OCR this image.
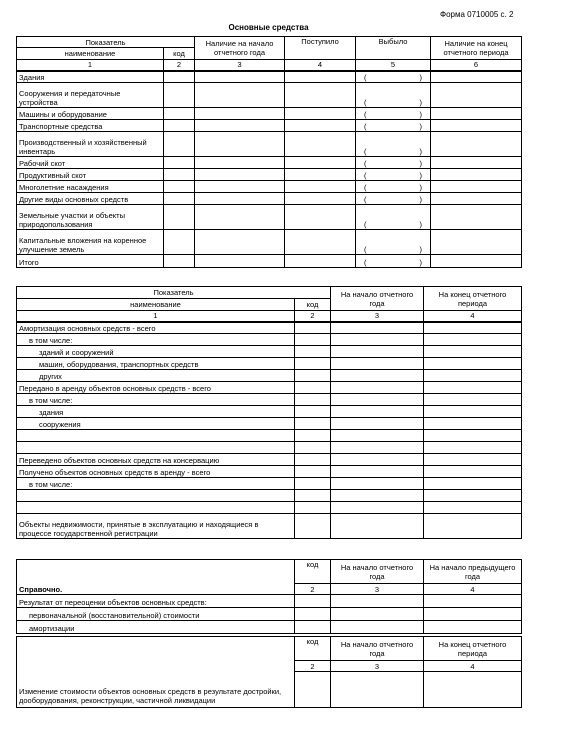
Форма 0710005 с. 2
Основные средства
Показатель		Наличие на начало отчетного года	Поступило	Выбыло	Наличие на конец отчетного периода
наименование	код				
1	2	3	4	5	6
Здания				( )	

Сооружения и передаточные устройства				( )	

Машины и оборудование				( )	

Транспортные средства				( )	

Производственный и хозяйственный инвентарь				( )	

Рабочий скот				( )	

Продуктивный скот				( )	

Многолетние насаждения				( )	

Другие виды основных средств				( )	

Земельные участки и объекты природопользования				( )	

Капитальные вложения на коренное улучшение земель				( )	

Итого				( )	

Показатель		На начало отчетного года	На конец отчетного периода
наименование	код		
1	2	3	4
Амортизация основных средств - всего			
в том числе:			
зданий и сооружений			
машин, оборудования, транспортных средств			
других			
Передано в аренду объектов основных средств - всего			
в том числе:			
здания			
сооружения			

Переведено объектов основных средств на консервацию			
Получено объектов основных средств в аренду - всего			
в том числе:			

Объекты недвижимости, принятые в эксплуатацию и находящиеся в процессе государственной регистрации			
Справочно.	код	На начало отчетного года	На начало предыдущего года
	2	3	4
Результат от переоценки объектов основных средств:			
первоначальной (восстановительной) стоимости			
амортизации			
Изменение стоимости объектов основных средств в результате достройки, дооборудования, реконструкции, частичной ликвидации	код	На начало отчетного года	На конец отчетного периода
	2	3	4
